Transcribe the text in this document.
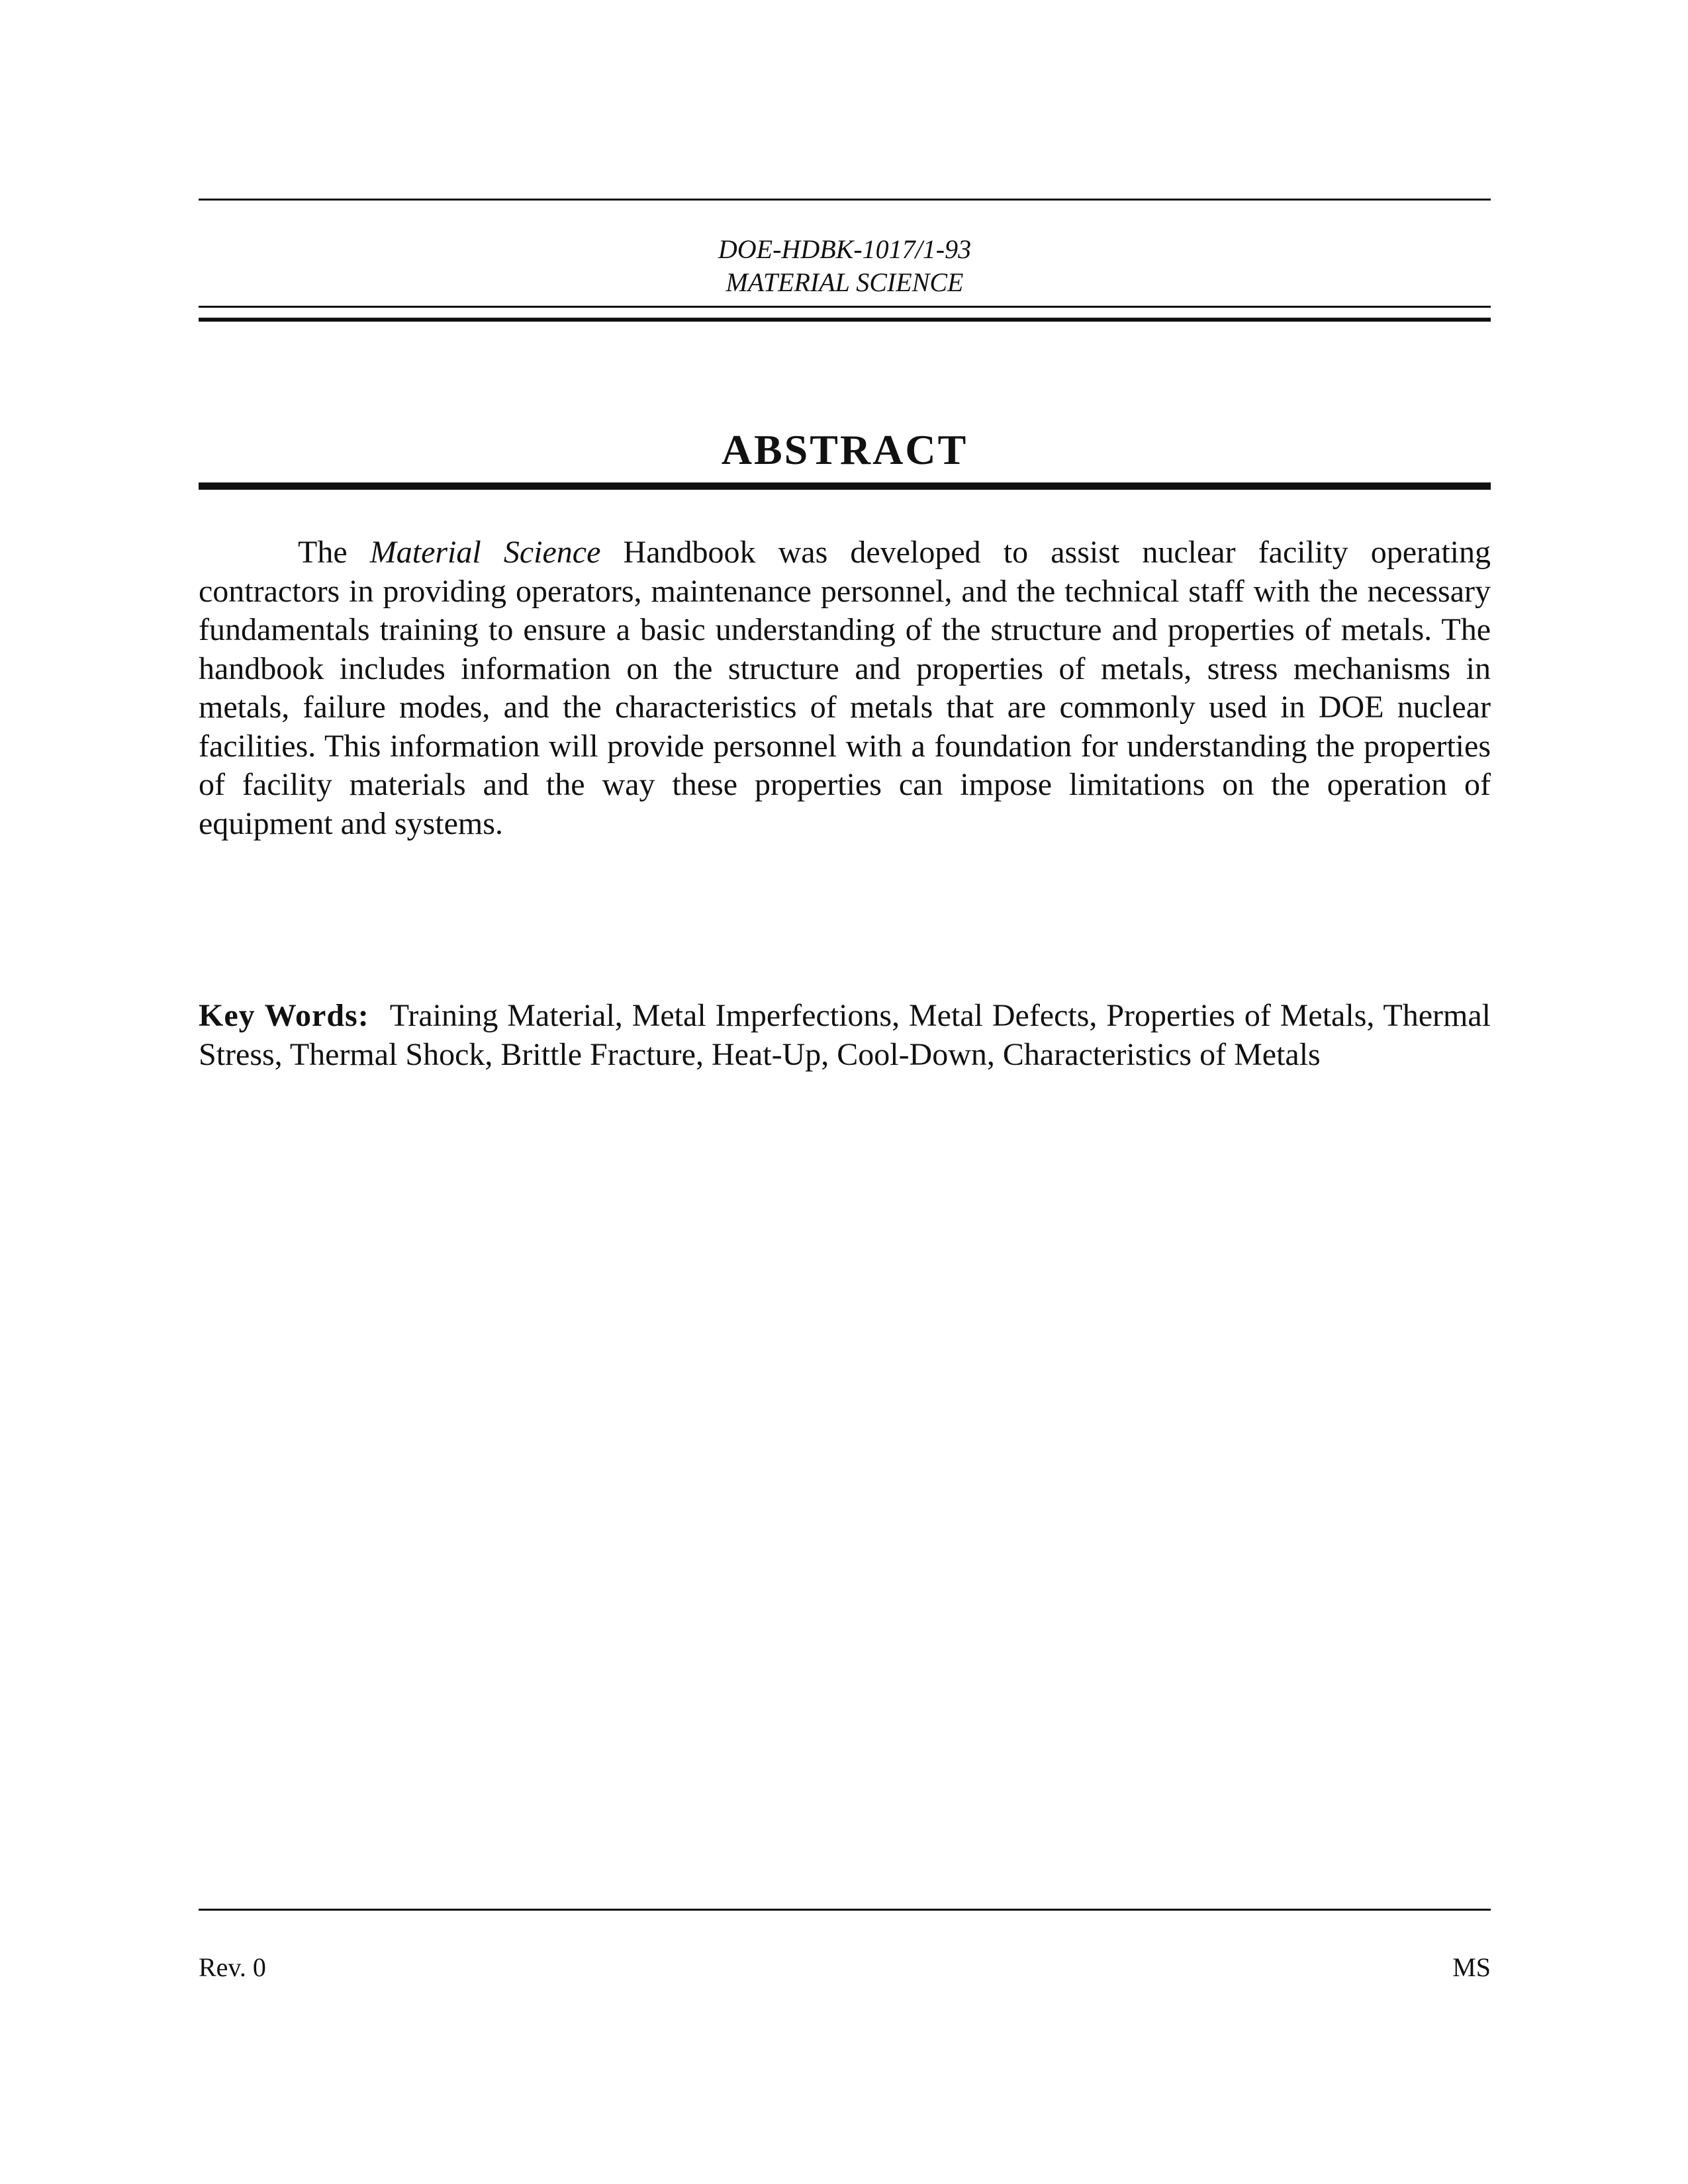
DOE-HDBK-1017/1-93
MATERIAL SCIENCE
ABSTRACT

The Material Science Handbook was developed to assist nuclear facility operating contractors in providing operators, maintenance personnel, and the technical staff with the necessary fundamentals training to ensure a basic understanding of the structure and properties of metals. The handbook includes information on the structure and properties of metals, stress mechanisms in metals, failure modes, and the characteristics of metals that are commonly used in DOE nuclear facilities. This information will provide personnel with a foundation for understanding the properties of facility materials and the way these properties can impose limitations on the operation of equipment and systems.

Key Words: Training Material, Metal Imperfections, Metal Defects, Properties of Metals, Thermal Stress, Thermal Shock, Brittle Fracture, Heat-Up, Cool-Down, Characteristics of Metals

Rev. 0	MS
